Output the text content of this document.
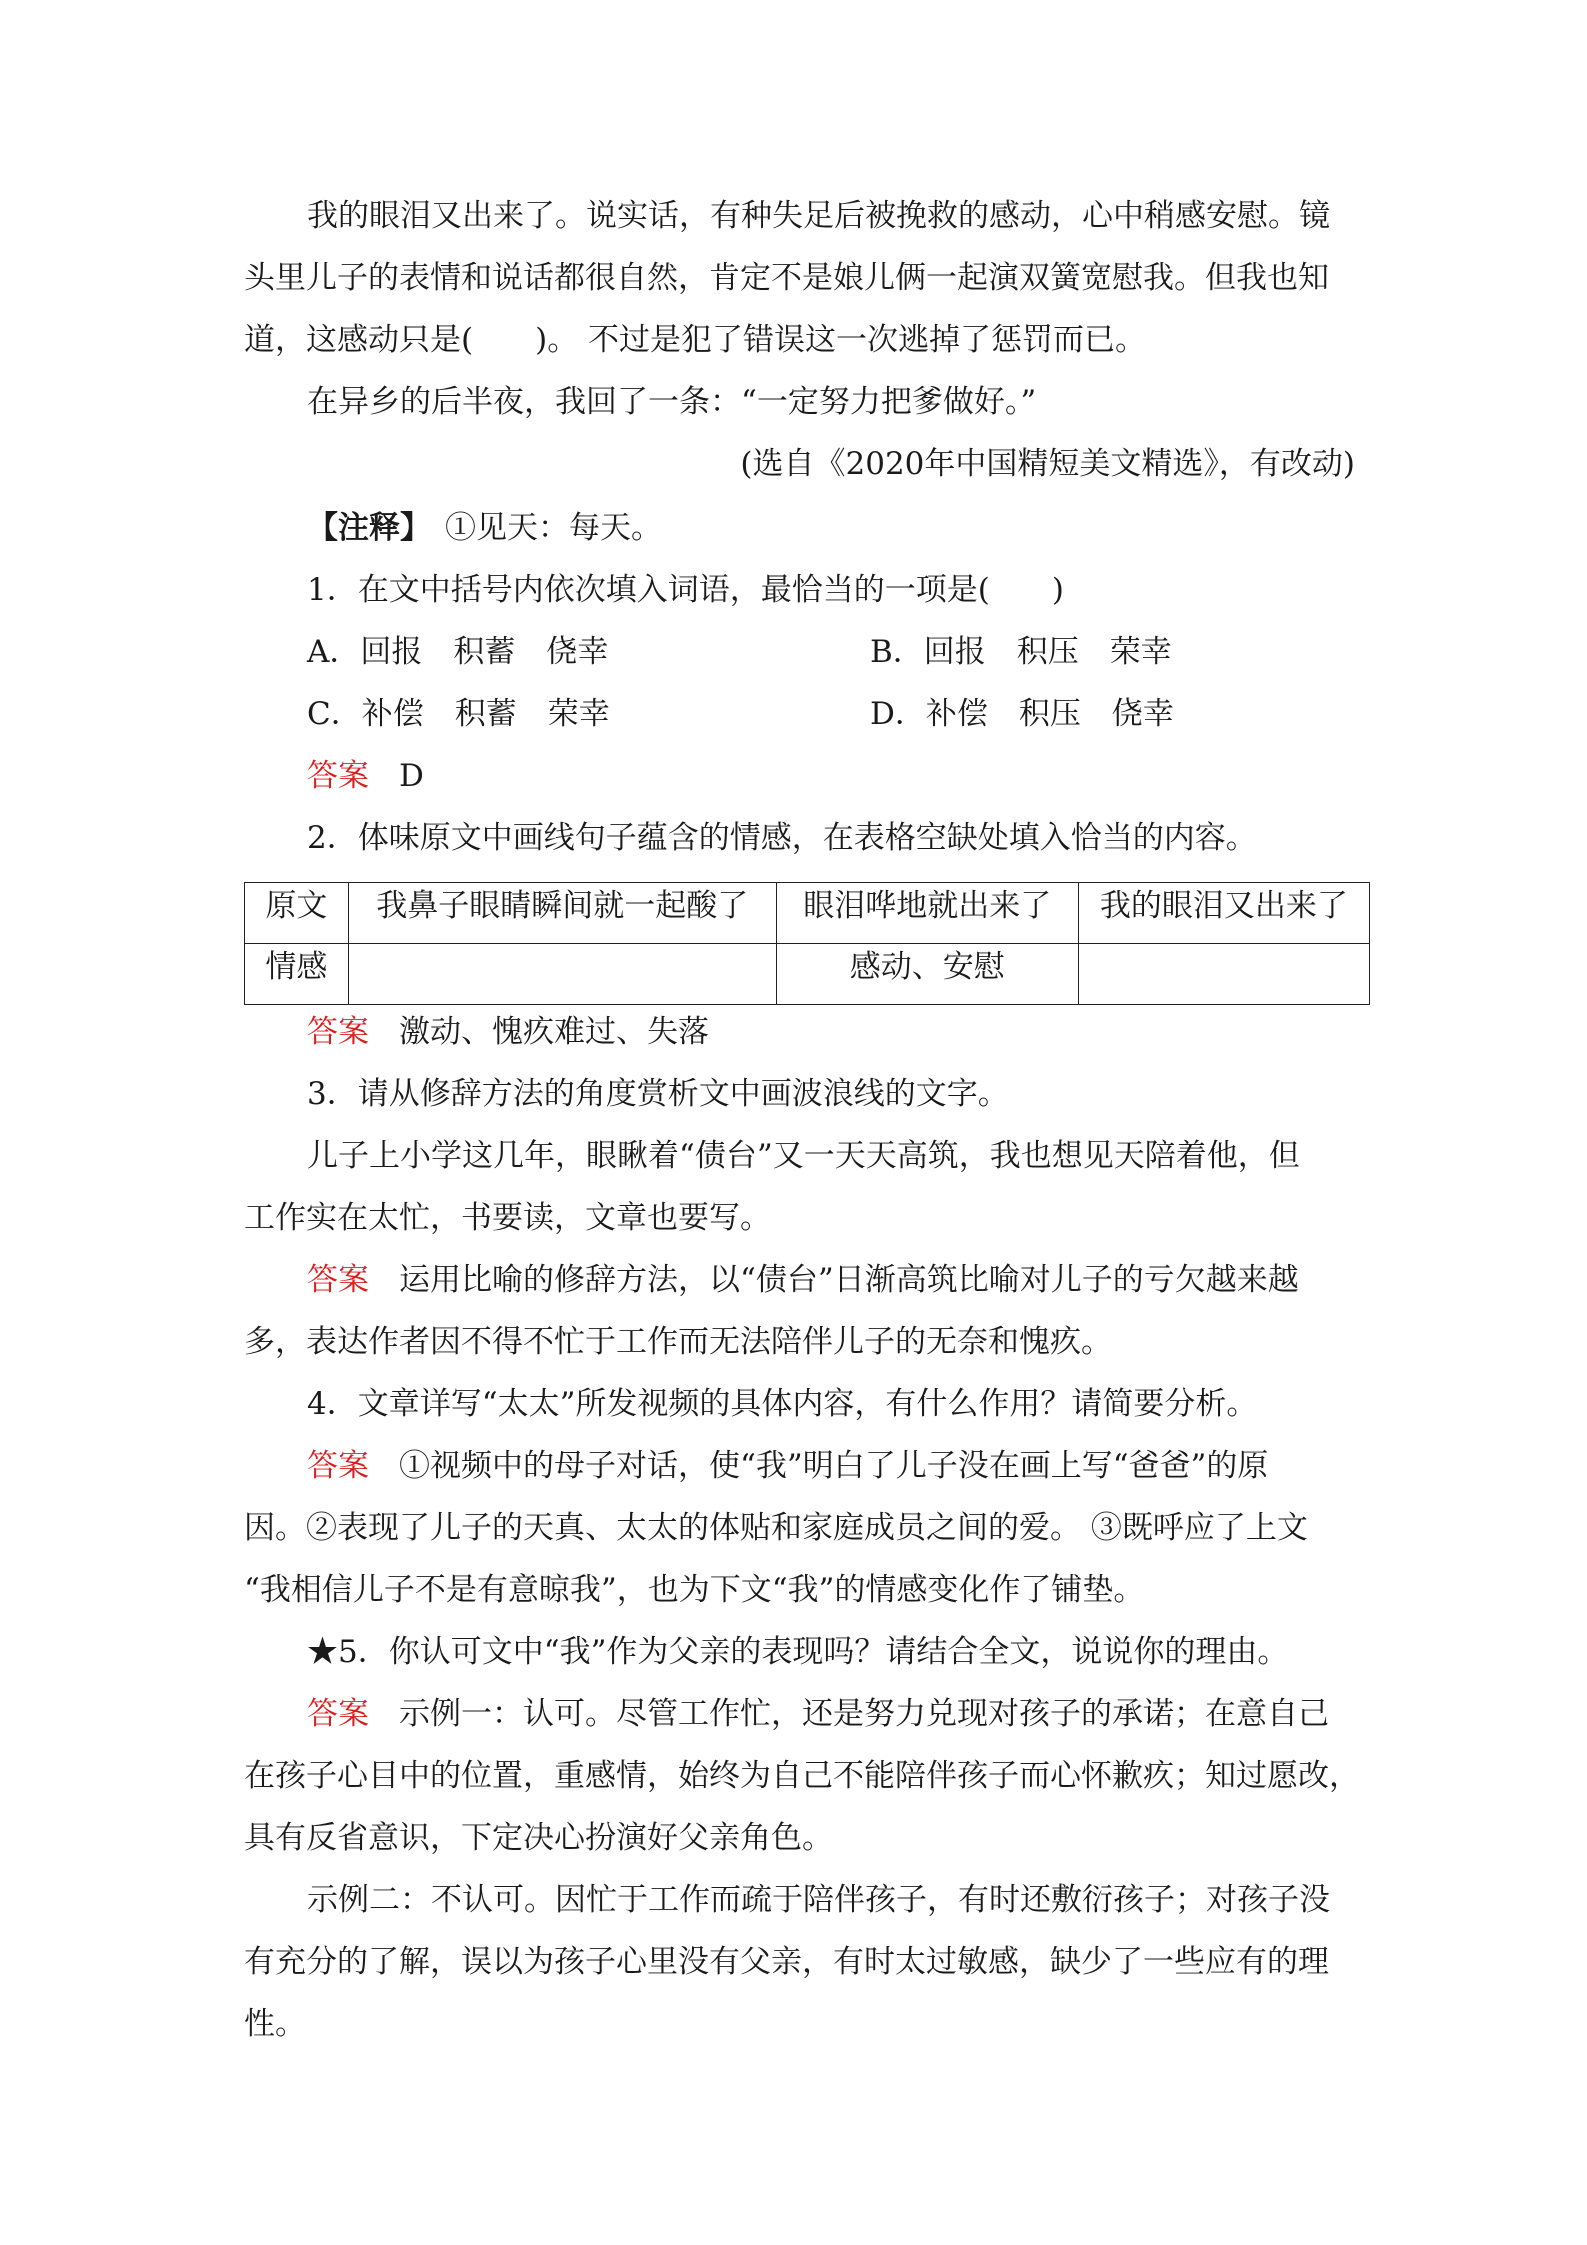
我的眼泪又出来了。说实话，有种失足后被挽救的感动，心中稍感安慰。镜
头里儿子的表情和说话都很自然，肯定不是娘儿俩一起演双簧宽慰我。但我也知
道，这感动只是(　　)。 不过是犯了错误这一次逃掉了惩罚而已。
在异乡的后半夜，我回了一条：“一定努力把爹做好。”
(选自《2020年中国精短美文精选》，有改动)
【注释】 ①见天：每天。
1．在文中括号内依次填入词语，最恰当的一项是(　　)
A．回报　积蓄　侥幸	B．回报　积压　荣幸
C．补偿　积蓄　荣幸	D．补偿　积压　侥幸
答案 D
2．体味原文中画线句子蕴含的情感，在表格空缺处填入恰当的内容。
原文	我鼻子眼睛瞬间就一起酸了	眼泪哗地就出来了	我的眼泪又出来了
情感		感动、安慰	
答案 激动、愧疚难过、失落
3．请从修辞方法的角度赏析文中画波浪线的文字。
儿子上小学这几年，眼瞅着“债台”又一天天高筑，我也想见天陪着他，但
工作实在太忙，书要读，文章也要写。
答案 运用比喻的修辞方法，以“债台”日渐高筑比喻对儿子的亏欠越来越
多，表达作者因不得不忙于工作而无法陪伴儿子的无奈和愧疚。
4．文章详写“太太”所发视频的具体内容，有什么作用？请简要分析。
答案 ①视频中的母子对话，使“我”明白了儿子没在画上写“爸爸”的原
因。②表现了儿子的天真、太太的体贴和家庭成员之间的爱。 ③既呼应了上文
“我相信儿子不是有意晾我”，也为下文“我”的情感变化作了铺垫。
★5．你认可文中“我”作为父亲的表现吗？请结合全文，说说你的理由。
答案 示例一：认可。尽管工作忙，还是努力兑现对孩子的承诺；在意自己
在孩子心目中的位置，重感情，始终为自己不能陪伴孩子而心怀歉疚；知过愿改，
具有反省意识，下定决心扮演好父亲角色。
示例二：不认可。因忙于工作而疏于陪伴孩子，有时还敷衍孩子；对孩子没
有充分的了解，误以为孩子心里没有父亲，有时太过敏感，缺少了一些应有的理
性。
